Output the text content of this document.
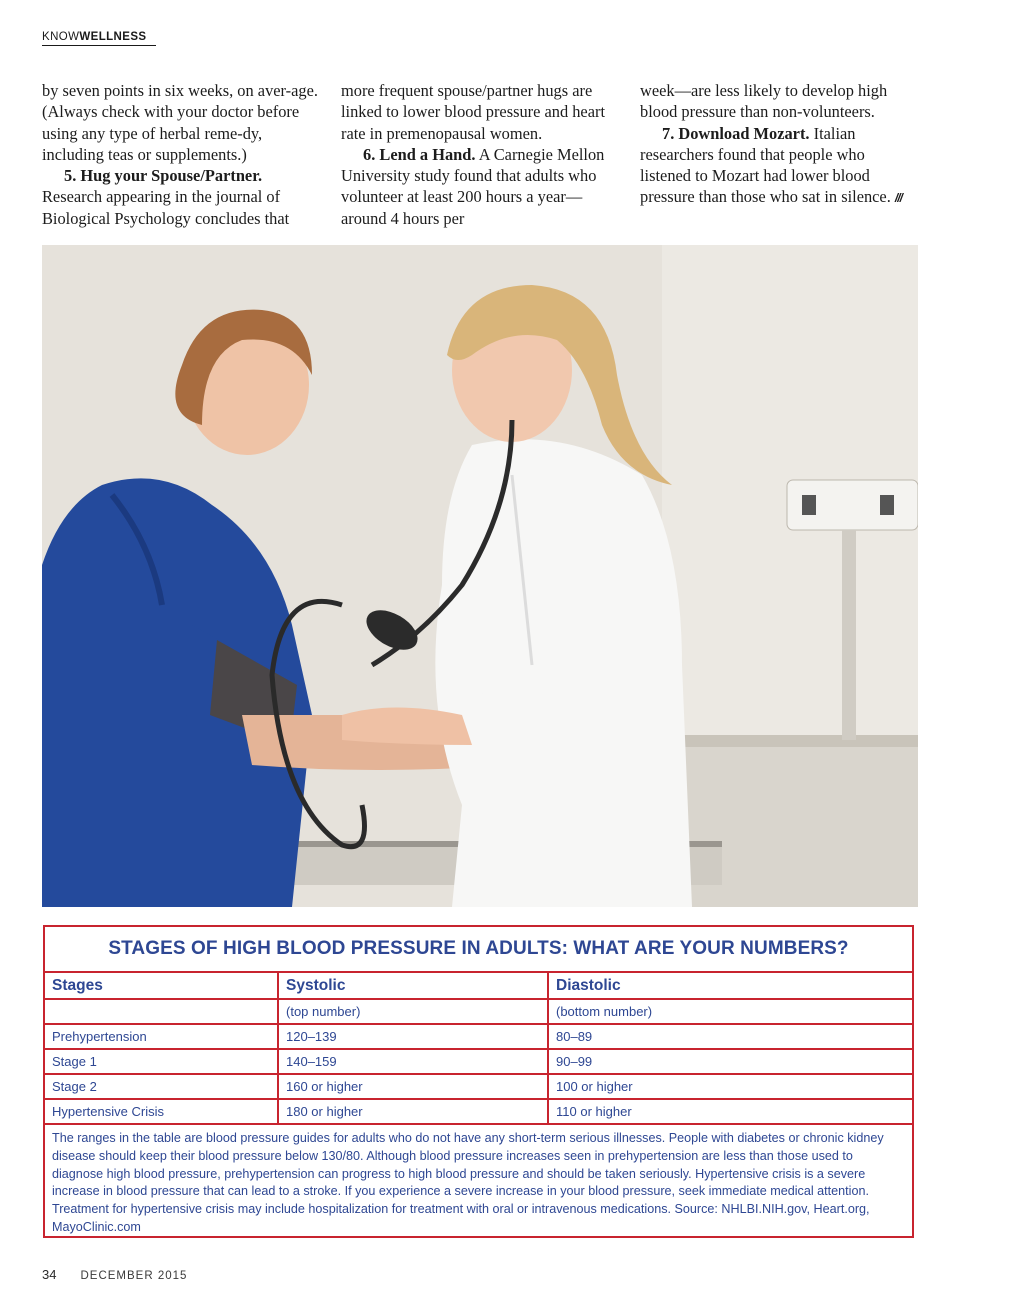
KNOWWELLNESS

by seven points in six weeks, on aver-age. (Always check with your doctor before using any type of herbal reme-dy, including teas or supplements.)

5. Hug your Spouse/Partner.

Research appearing in the journal of Biological Psychology concludes that

more frequent spouse/partner hugs are linked to lower blood pressure and heart rate in premenopausal women.

6. Lend a Hand. A Carnegie Mellon University study found that adults who volunteer at least 200 hours a year—around 4 hours per

week—are less likely to develop high blood pressure than non-volunteers.

7. Download Mozart. Italian researchers found that people who listened to Mozart had lower blood pressure than those who sat in silence. ///

STAGES OF HIGH BLOOD PRESSURE IN ADULTS: WHAT ARE YOUR NUMBERS?
Stages	Systolic	Diastolic
	(top number)	(bottom number)
Prehypertension	120–139	80–89
Stage 1	140–159	90–99
Stage 2	160 or higher	100 or higher
Hypertensive Crisis	180 or higher	110 or higher
The ranges in the table are blood pressure guides for adults who do not have any short-term serious illnesses. People with diabetes or chronic kidney disease should keep their blood pressure below 130/80. Although blood pressure increases seen in prehypertension are less than those used to diagnose high blood pressure, prehypertension can progress to high blood pressure and should be taken seriously. Hypertensive crisis is a severe increase in blood pressure that can lead to a stroke. If you experience a severe increase in your blood pressure, seek immediate medical attention. Treatment for hypertensive crisis may include hospitalization for treatment with oral or intravenous medications. Source: NHLBI.NIH.gov, Heart.org, MayoClinic.com
34 DECEMBER 2015
